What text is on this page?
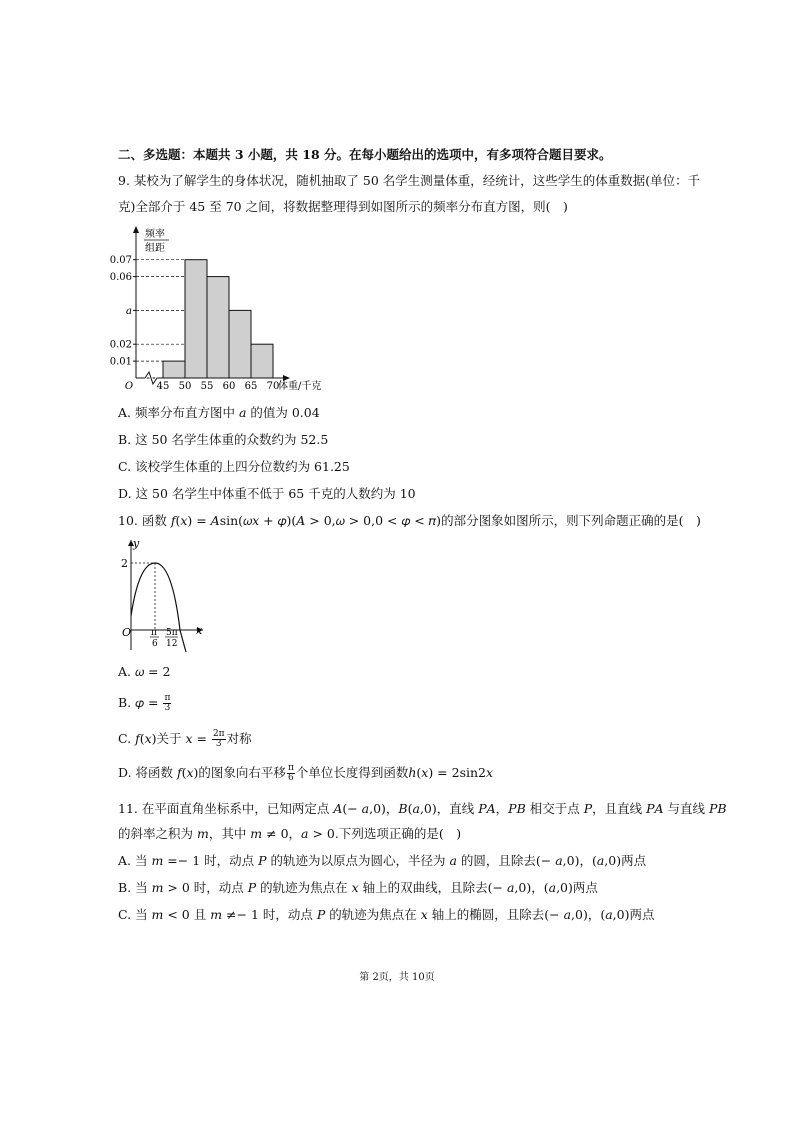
二、多选题：本题共 3 小题，共 18 分。在每小题给出的选项中，有多项符合题目要求。
9. 某校为了解学生的身体状况，随机抽取了 50 名学生测量体重，经统计，这些学生的体重数据(单位：千
克)全部介于 45 至 70 之间，将数据整理得到如图所示的频率分布直方图，则(　)
0.07
0.06
a
0.02
0.01
45 50 55 60 65 70
体重/千克
O
频率
组距
A. 频率分布直方图中 𝑎 的值为 0.04
B. 这 50 名学生体重的众数约为 52.5
C. 该校学生体重的上四分位数约为 61.25
D. 这 50 名学生中体重不低于 65 千克的人数约为 10
10. 函数 𝑓(𝑥) = 𝐴sin(𝜔𝑥 + 𝜑)(𝐴 > 0,𝜔 > 0,0 < 𝜑 < 𝜋)的部分图象如图所示，则下列命题正确的是(　)
y
x
O
2
π
6
5π
12
A. 𝜔 = 2
B. 𝜑 = $\frac{\pi}{3}$
C. 𝑓(𝑥)关于 𝑥 = $\frac{2\pi}{3}$ 对称
D. 将函数 𝑓(𝑥)的图象向右平移 $\frac{\pi}{6}$ 个单位长度得到函数ℎ(𝑥) = 2sin2𝑥
11. 在平面直角坐标系中，已知两定点 𝐴(− 𝑎,0)，𝐵(𝑎,0)，直线 𝑃𝐴，𝑃𝐵 相交于点 𝑃，且直线 𝑃𝐴 与直线 𝑃𝐵
的斜率之积为 𝑚，其中 𝑚 ≠ 0，𝑎 > 0.下列选项正确的是(　)
A. 当 𝑚 =− 1 时，动点 𝑃 的轨迹为以原点为圆心，半径为 𝑎 的圆，且除去(− 𝑎,0)，(𝑎,0)两点
B. 当 𝑚 > 0 时，动点 𝑃 的轨迹为焦点在 𝑥 轴上的双曲线，且除去(− 𝑎,0)，(𝑎,0)两点
C. 当 𝑚 < 0 且 𝑚 ≠− 1 时，动点 𝑃 的轨迹为焦点在 𝑥 轴上的椭圆，且除去(− 𝑎,0)，(𝑎,0)两点
第 2页，共 10页
